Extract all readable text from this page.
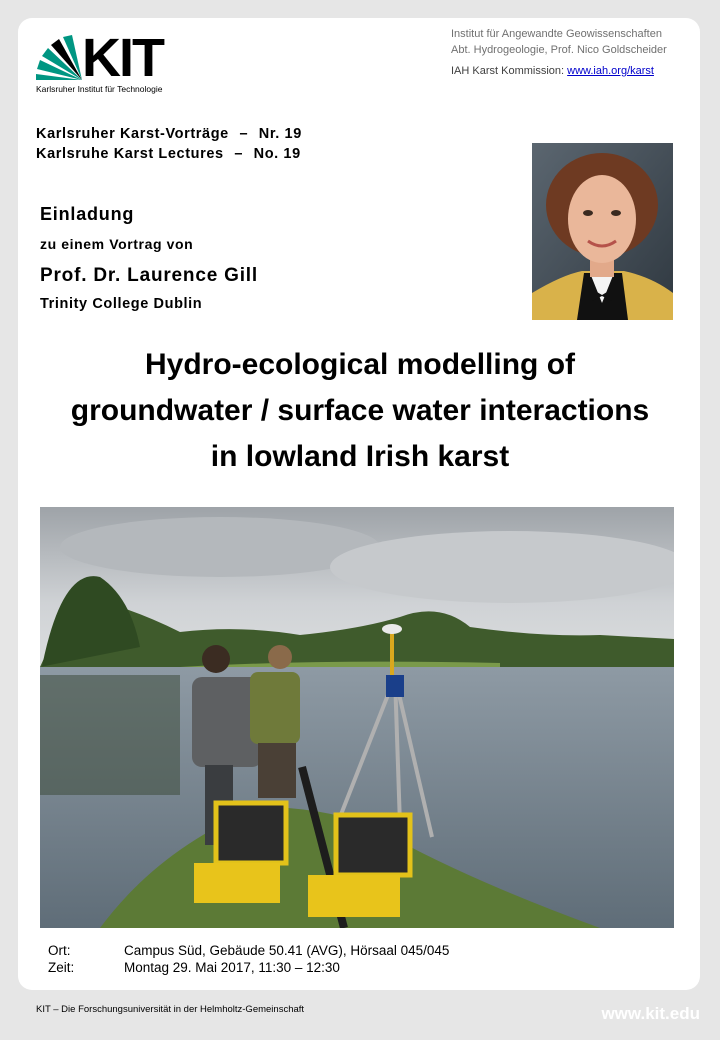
KIT
Karlsruher Institut für Technologie
Institut für Angewandte Geowissenschaften
Abt. Hydrogeologie, Prof. Nico Goldscheider
IAH Karst Kommission: www.iah.org/karst
Karlsruher Karst-Vorträge – Nr. 19
Karlsruhe Karst Lectures – No. 19
Einladung
zu einem Vortrag von
Prof. Dr. Laurence Gill
Trinity College Dublin
Hydro-ecological modelling of
groundwater / surface water interactions
in lowland Irish karst
Ort:	Campus Süd, Gebäude 50.41 (AVG), Hörsaal 045/045
Zeit:	Montag 29. Mai 2017, 11:30 – 12:30
KIT – Die Forschungsuniversität in der Helmholtz-Gemeinschaft	www.kit.edu
